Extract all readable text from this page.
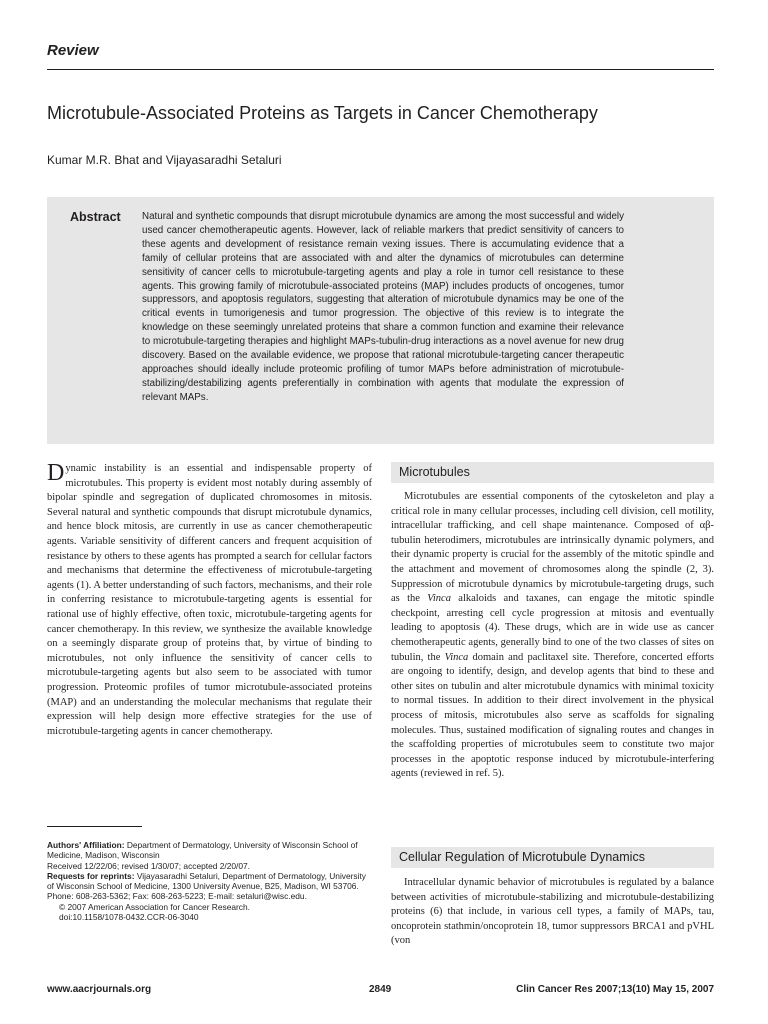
Review
Microtubule-Associated Proteins as Targets in Cancer Chemotherapy
Kumar M.R. Bhat and Vijayasaradhi Setaluri
Abstract Natural and synthetic compounds that disrupt microtubule dynamics are among the most successful and widely used cancer chemotherapeutic agents. However, lack of reliable markers that predict sensitivity of cancers to these agents and development of resistance remain vexing issues. There is accumulating evidence that a family of cellular proteins that are associated with and alter the dynamics of microtubules can determine sensitivity of cancer cells to microtubule-targeting agents and play a role in tumor cell resistance to these agents. This growing family of microtubule-associated proteins (MAP) includes products of oncogenes, tumor suppressors, and apoptosis regulators, suggesting that alteration of microtubule dynamics may be one of the critical events in tumorigenesis and tumor progression. The objective of this review is to integrate the knowledge on these seemingly unrelated proteins that share a common function and examine their relevance to microtubule-targeting therapies and highlight MAPs-tubulin-drug interactions as a novel avenue for new drug discovery. Based on the available evidence, we propose that rational microtubule-targeting cancer therapeutic approaches should ideally include proteomic profiling of tumor MAPs before administration of microtubule-stabilizing/destabilizing agents preferentially in combination with agents that modulate the expression of relevant MAPs.

Dynamic instability is an essential and indispensable property of microtubules. This property is evident most notably during assembly of bipolar spindle and segregation of duplicated chromosomes in mitosis. Several natural and synthetic compounds that disrupt microtubule dynamics, and hence block mitosis, are currently in use as cancer chemotherapeutic agents. Variable sensitivity of different cancers and frequent acquisition of resistance by others to these agents has prompted a search for cellular factors and mechanisms that determine the effectiveness of microtubule-targeting agents (1). A better understanding of such factors, mechanisms, and their role in conferring resistance to microtubule-targeting agents is essential for rational use of highly effective, often toxic, microtubule-targeting agents for cancer chemotherapy. In this review, we synthesize the available knowledge on a seemingly disparate group of proteins that, by virtue of binding to microtubules, not only influence the sensitivity of cancer cells to microtubule-targeting agents but also seem to be associated with tumor progression. Proteomic profiles of tumor microtubule-associated proteins (MAP) and an understanding the molecular mechanisms that regulate their expression will help design more effective strategies for the use of microtubule-targeting agents in cancer chemotherapy.
Microtubules

Microtubules are essential components of the cytoskeleton and play a critical role in many cellular processes, including cell division, cell motility, intracellular trafficking, and cell shape maintenance. Composed of αβ-tubulin heterodimers, microtubules are intrinsically dynamic polymers, and their dynamic property is crucial for the assembly of the mitotic spindle and the attachment and movement of chromosomes along the spindle (2, 3). Suppression of microtubule dynamics by microtubule-targeting drugs, such as the Vinca alkaloids and taxanes, can engage the mitotic spindle checkpoint, arresting cell cycle progression at mitosis and eventually leading to apoptosis (4). These drugs, which are in wide use as cancer chemotherapeutic agents, generally bind to one of the two classes of sites on tubulin, the Vinca domain and paclitaxel site. Therefore, concerted efforts are ongoing to identify, design, and develop agents that bind to these and other sites on tubulin and alter microtubule dynamics with minimal toxicity to normal tissues. In addition to their direct involvement in the physical process of mitosis, microtubules also serve as scaffolds for signaling molecules. Thus, sustained modification of signaling routes and changes in the scaffolding properties of microtubules seem to constitute two major processes in the apoptotic response induced by microtubule-interfering agents (reviewed in ref. 5).

Cellular Regulation of Microtubule Dynamics

Intracellular dynamic behavior of microtubules is regulated by a balance between activities of microtubule-stabilizing and microtubule-destabilizing proteins (6) that include, in various cell types, a family of MAPs, tau, oncoprotein stathmin/oncoprotein 18, tumor suppressors BRCA1 and pVHL (von

Authors' Affiliation: Department of Dermatology, University of Wisconsin School of Medicine, Madison, Wisconsin

Received 12/22/06; revised 1/30/07; accepted 2/20/07.

Requests for reprints: Vijayasaradhi Setaluri, Department of Dermatology, University of Wisconsin School of Medicine, 1300 University Avenue, B25, Madison, WI 53706. Phone: 608-263-5362; Fax: 608-263-5223; E-mail: setaluri@wisc.edu.

© 2007 American Association for Cancer Research.

doi:10.1158/1078-0432.CCR-06-3040

www.aacrjournals.org	2849	Clin Cancer Res 2007;13(10) May 15, 2007
